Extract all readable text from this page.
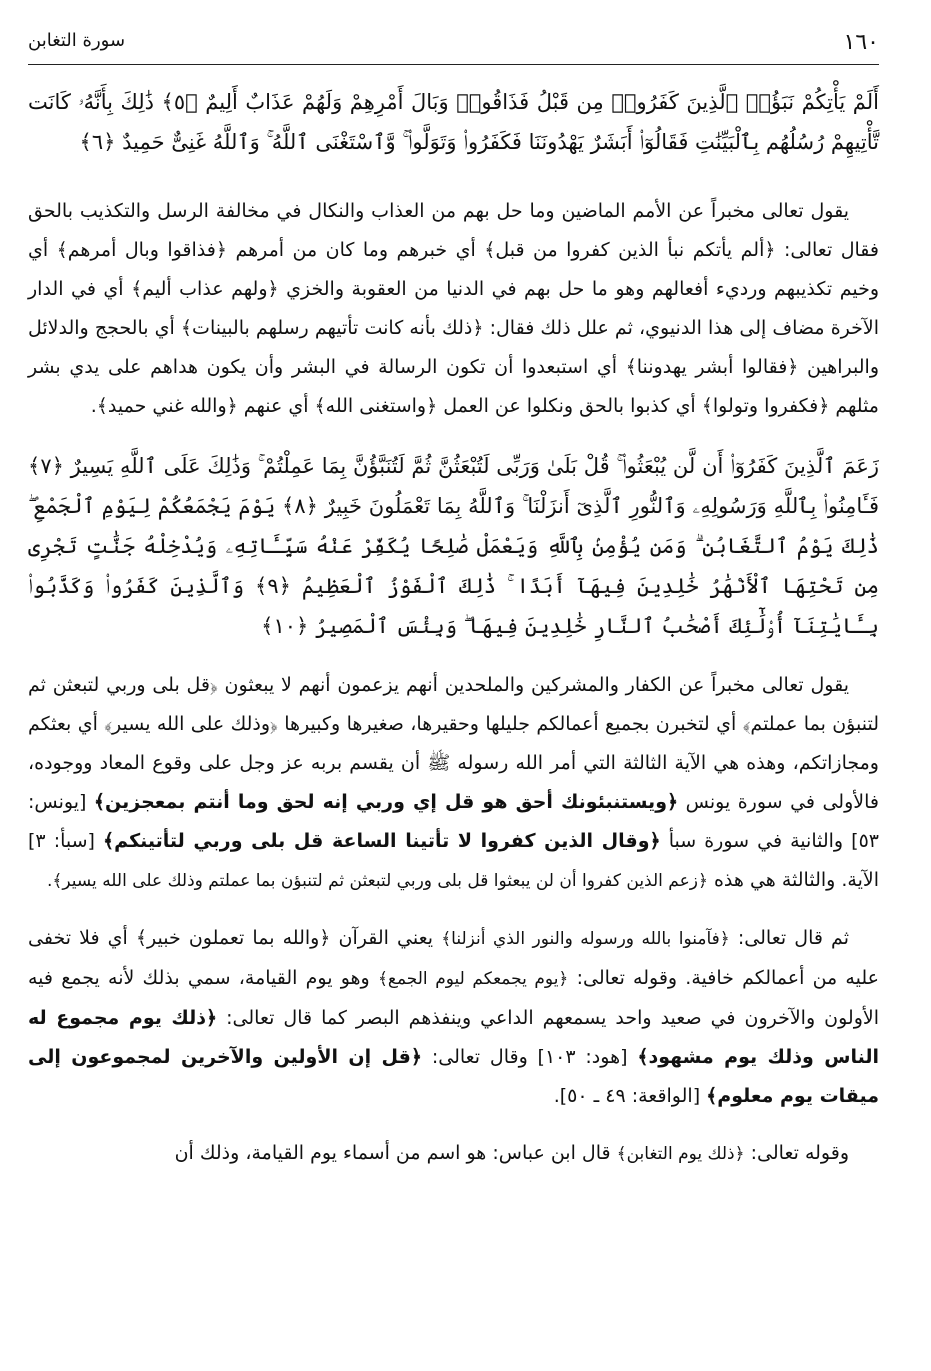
١٦٠
سورة التغابن

أَلَمْ يَأْتِكُمْ نَبَؤُا۟ ٱلَّذِينَ كَفَرُوا۟ مِن قَبْلُ فَذَاقُوا۟ وَبَالَ أَمْرِهِمْ وَلَهُمْ عَذَابٌ أَلِيمٌ ﴿٥﴾ ذَٰلِكَ بِأَنَّهُۥ كَانَت تَّأْتِيهِمْ رُسُلُهُم بِٱلْبَيِّنَٰتِ فَقَالُوٓا۟ أَبَشَرٌ يَهْدُونَنَا فَكَفَرُوا۟ وَتَوَلَّوا۟ ۚ وَّٱسْتَغْنَى ٱللَّهُ ۚ وَٱللَّهُ غَنِىٌّ حَمِيدٌ ﴿٦﴾

يقول تعالى مخبراً عن الأمم الماضين وما حل بهم من العذاب والنكال في مخالفة الرسل والتكذيب بالحق فقال تعالى: ﴿ألم يأتكم نبأ الذين كفروا من قبل﴾ أي خبرهم وما كان من أمرهم ﴿فذاقوا وبال أمرهم﴾ أي وخيم تكذيبهم ورديء أفعالهم وهو ما حل بهم في الدنيا من العقوبة والخزي ﴿ولهم عذاب أليم﴾ أي في الدار الآخرة مضاف إلى هذا الدنيوي، ثم علل ذلك فقال: ﴿ذلك بأنه كانت تأتيهم رسلهم بالبينات﴾ أي بالحجج والدلائل والبراهين ﴿فقالوا أبشر يهدوننا﴾ أي استبعدوا أن تكون الرسالة في البشر وأن يكون هداهم على يدي بشر مثلهم ﴿فكفروا وتولوا﴾ أي كذبوا بالحق ونكلوا عن العمل ﴿واستغنى الله﴾ أي عنهم ﴿والله غني حميد﴾.

زَعَمَ ٱلَّذِينَ كَفَرُوٓا۟ أَن لَّن يُبْعَثُوا۟ ۚ قُلْ بَلَىٰ وَرَبِّى لَتُبْعَثُنَّ ثُمَّ لَتُنَبَّؤُنَّ بِمَا عَمِلْتُمْ ۚ وَذَٰلِكَ عَلَى ٱللَّهِ يَسِيرٌ ﴿٧﴾ فَـَٔامِنُوا۟ بِٱللَّهِ وَرَسُولِهِۦ وَٱلنُّورِ ٱلَّذِىٓ أَنزَلْنَا ۚ وَٱللَّهُ بِمَا تَعْمَلُونَ خَبِيرٌ ﴿٨﴾ يَوْمَ يَجْمَعُكُمْ لِيَوْمِ ٱلْجَمْعِ ۖ ذَٰلِكَ يَوْمُ ٱلتَّغَابُنِ ۗ وَمَن يُؤْمِنۢ بِٱللَّهِ وَيَعْمَلْ صَٰلِحًا يُكَفِّرْ عَنْهُ سَيِّـَٔاتِهِۦ وَيُدْخِلْهُ جَنَّٰتٍ تَجْرِى مِن تَحْتِهَا ٱلْأَنْهَٰرُ خَٰلِدِينَ فِيهَآ أَبَدًا ۚ ذَٰلِكَ ٱلْفَوْزُ ٱلْعَظِيمُ ﴿٩﴾ وَٱلَّذِينَ كَفَرُوا۟ وَكَذَّبُوا۟ بِـَٔايَٰتِنَآ أُو۟لَٰٓئِكَ أَصْحَٰبُ ٱلنَّارِ خَٰلِدِينَ فِيهَا ۖ وَبِئْسَ ٱلْمَصِيرُ ﴿١٠﴾

يقول تعالى مخبراً عن الكفار والمشركين والملحدين أنهم يزعمون أنهم لا يبعثون ﴿قل بلى وربي لتبعثن ثم لتنبؤن بما عملتم﴾ أي لتخبرن بجميع أعمالكم جليلها وحقيرها، صغيرها وكبيرها ﴿وذلك على الله يسير﴾ أي بعثكم ومجازاتكم، وهذه هي الآية الثالثة التي أمر الله رسوله ﷺ أن يقسم بربه عز وجل على وقوع المعاد ووجوده، فالأولى في سورة يونس ﴿ويستنبئونك أحق هو قل إي وربي إنه لحق وما أنتم بمعجزين﴾ [يونس: ٥٣] والثانية في سورة سبأ ﴿وقال الذين كفروا لا تأتينا الساعة قل بلى وربي لتأتينكم﴾ [سبأ: ٣] الآية. والثالثة هي هذه ﴿زعم الذين كفروا أن لن يبعثوا قل بلى وربي لتبعثن ثم لتنبؤن بما عملتم وذلك على الله يسير﴾.

ثم قال تعالى: ﴿فآمنوا بالله ورسوله والنور الذي أنزلنا﴾ يعني القرآن ﴿والله بما تعملون خبير﴾ أي فلا تخفى عليه من أعمالكم خافية. وقوله تعالى: ﴿يوم يجمعكم ليوم الجمع﴾ وهو يوم القيامة، سمي بذلك لأنه يجمع فيه الأولون والآخرون في صعيد واحد يسمعهم الداعي وينفذهم البصر كما قال تعالى: ﴿ذلك يوم مجموع له الناس وذلك يوم مشهود﴾ [هود: ١٠٣] وقال تعالى: ﴿قل إن الأولين والآخرين لمجموعون إلى ميقات يوم معلوم﴾ [الواقعة: ٤٩ ـ ٥٠].

وقوله تعالى: ﴿ذلك يوم التغابن﴾ قال ابن عباس: هو اسم من أسماء يوم القيامة، وذلك أن
